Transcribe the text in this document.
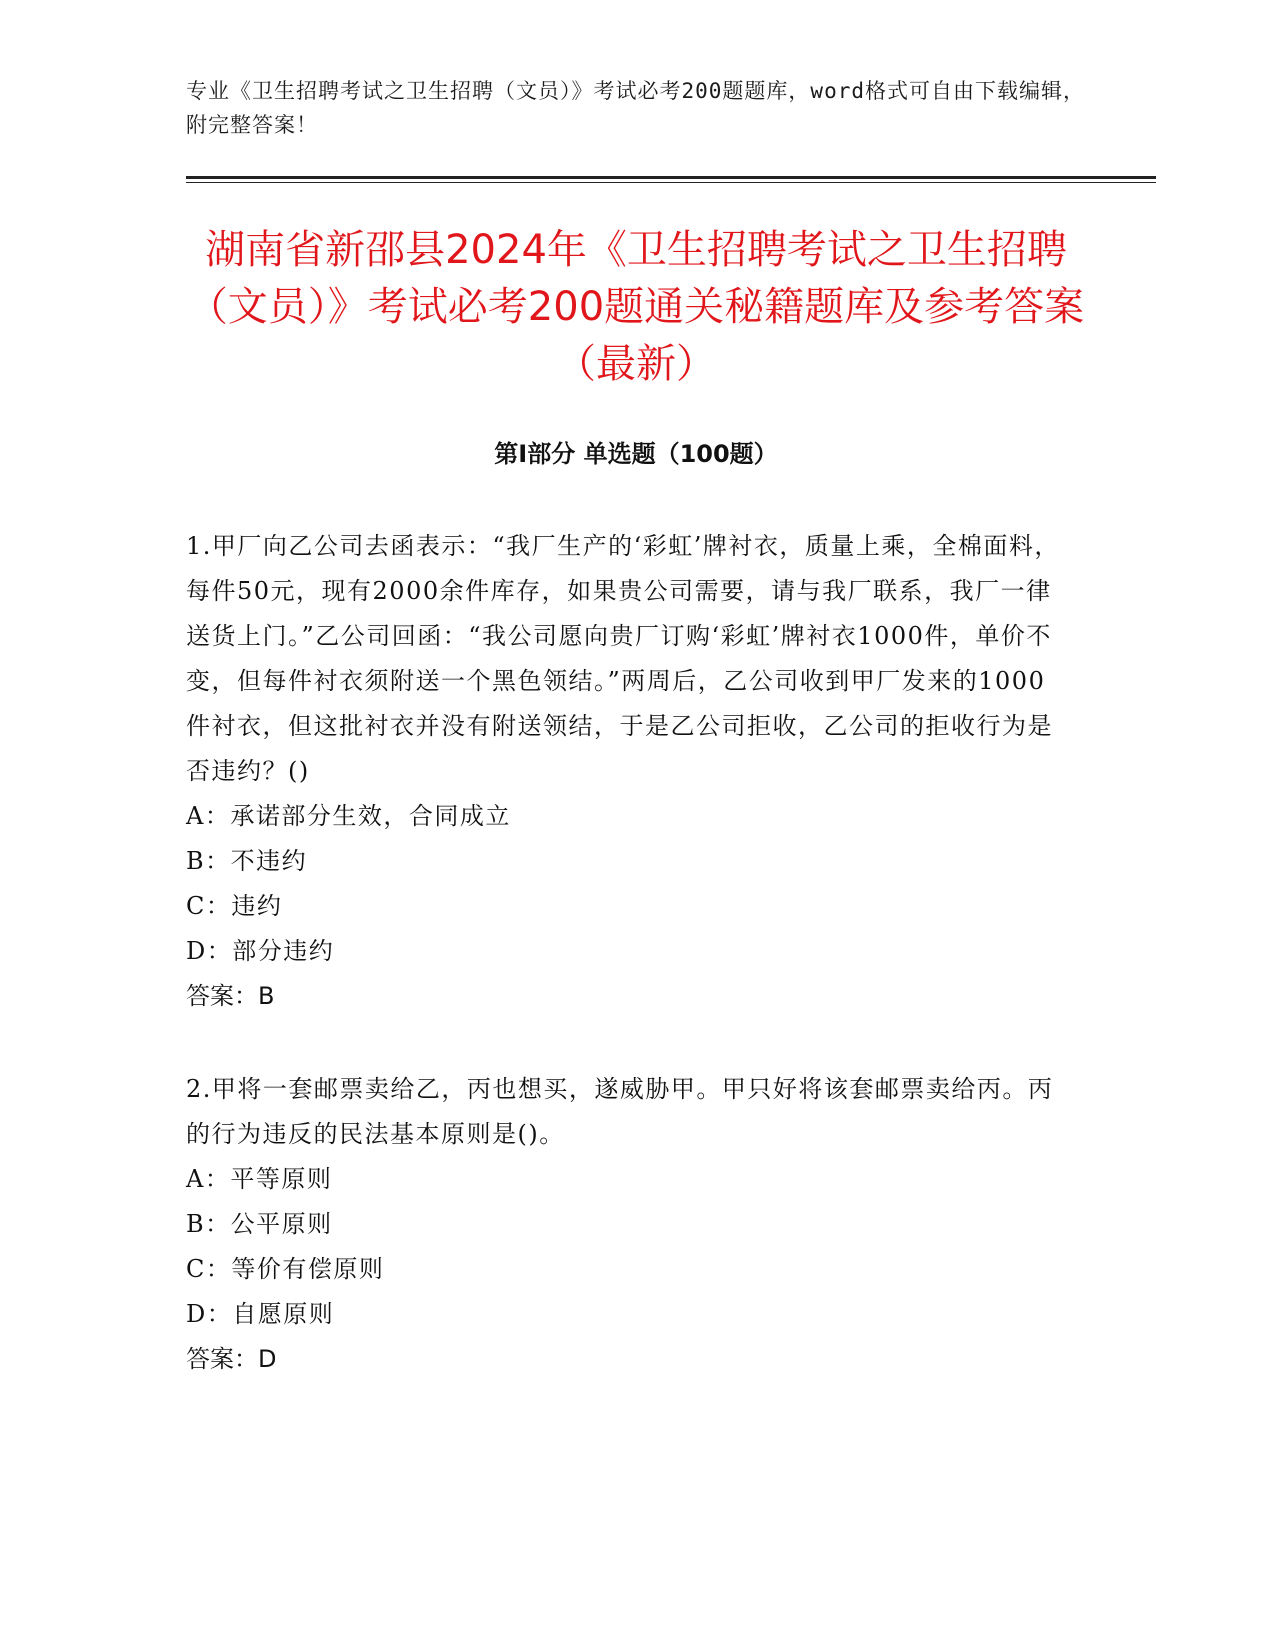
专业《卫生招聘考试之卫生招聘（文员）》考试必考200题题库，word格式可自由下载编辑，附完整答案！
湖南省新邵县2024年《卫生招聘考试之卫生招聘（文员）》考试必考200题通关秘籍题库及参考答案（最新）
第Ⅰ部分 单选题（100题）

1.甲厂向乙公司去函表示：“我厂生产的‘彩虹’牌衬衣，质量上乘，全棉面料，每件50元，现有2000余件库存，如果贵公司需要，请与我厂联系，我厂一律送货上门。”乙公司回函：“我公司愿向贵厂订购‘彩虹’牌衬衣1000件，单价不变，但每件衬衣须附送一个黑色领结。”两周后，乙公司收到甲厂发来的1000件衬衣，但这批衬衣并没有附送领结，于是乙公司拒收，乙公司的拒收行为是否违约？()

A：承诺部分生效，合同成立

B：不违约

C：违约

D：部分违约

答案：B

2.甲将一套邮票卖给乙，丙也想买，遂威胁甲。甲只好将该套邮票卖给丙。丙的行为违反的民法基本原则是()。

A：平等原则

B：公平原则

C：等价有偿原则

D：自愿原则

答案：D
